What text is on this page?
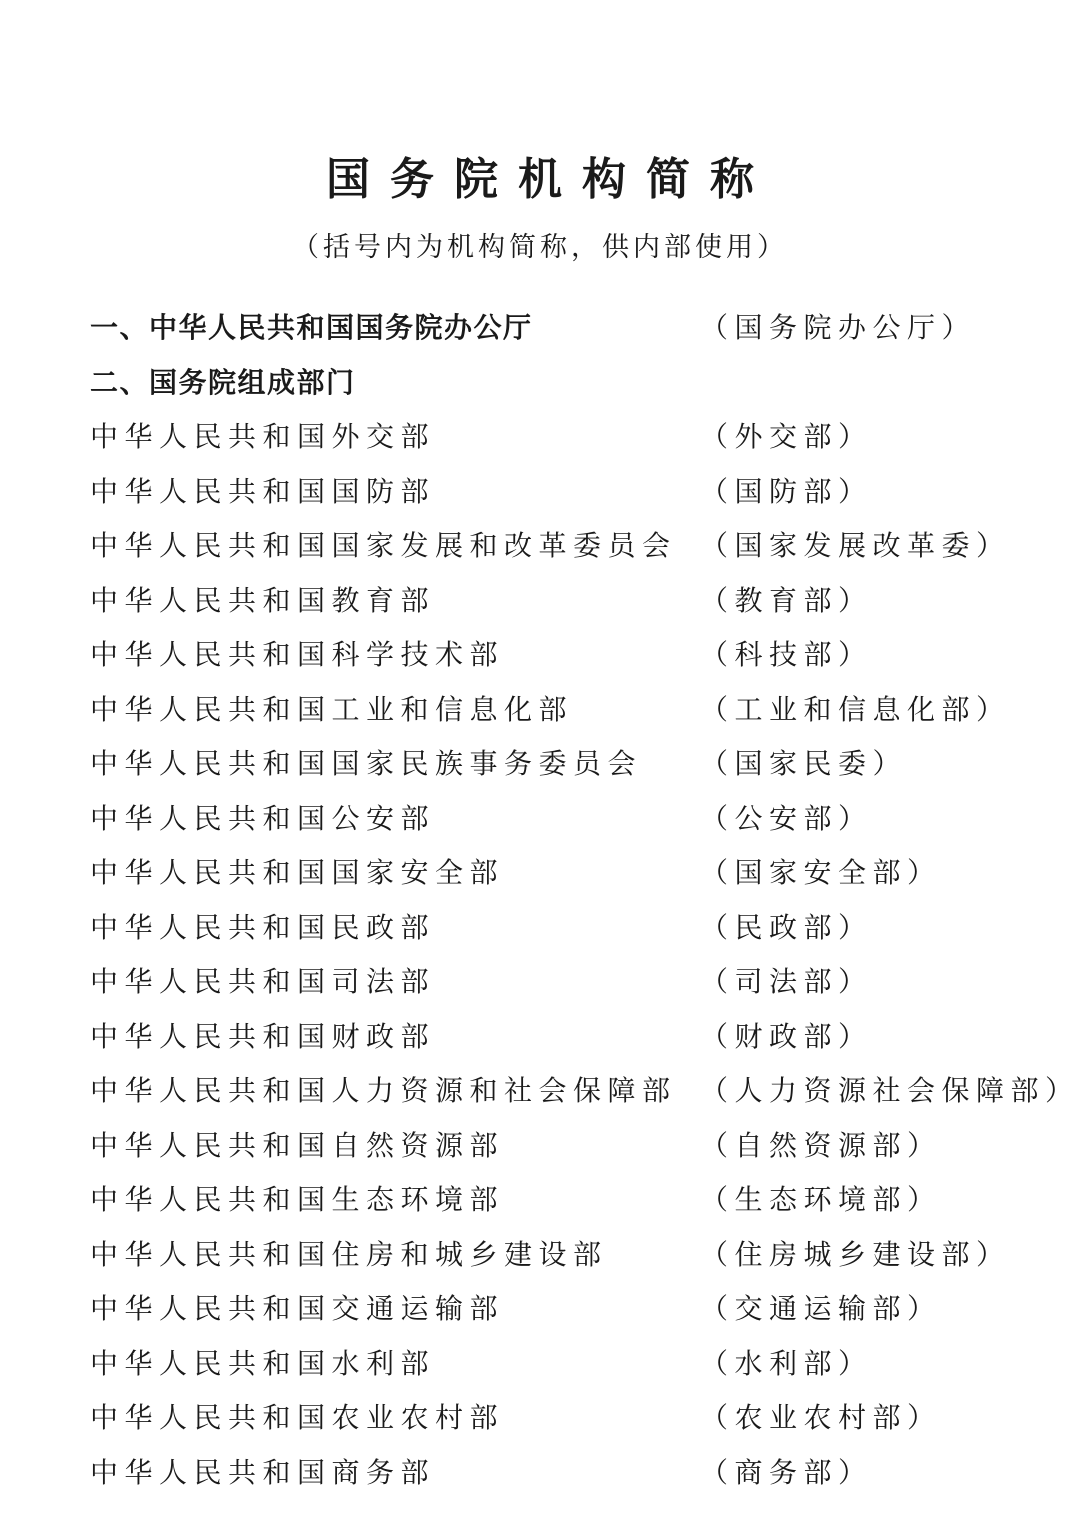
国务院机构简称
（括号内为机构简称，供内部使用）
一、中华人民共和国国务院办公厅	（国务院办公厅）
二、国务院组成部门
中华人民共和国外交部	（外交部）
中华人民共和国国防部	（国防部）
中华人民共和国国家发展和改革委员会 （国家发展改革委）
中华人民共和国教育部	（教育部）
中华人民共和国科学技术部	（科技部）
中华人民共和国工业和信息化部	（工业和信息化部）
中华人民共和国国家民族事务委员会 （国家民委）
中华人民共和国公安部	（公安部）
中华人民共和国国家安全部	（国家安全部）
中华人民共和国民政部	（民政部）
中华人民共和国司法部	（司法部）
中华人民共和国财政部	（财政部）
中华人民共和国人力资源和社会保障部 （人力资源社会保障部）
中华人民共和国自然资源部	（自然资源部）
中华人民共和国生态环境部	（生态环境部）
中华人民共和国住房和城乡建设部	（住房城乡建设部）
中华人民共和国交通运输部	（交通运输部）
中华人民共和国水利部	（水利部）
中华人民共和国农业农村部	（农业农村部）
中华人民共和国商务部	（商务部）
